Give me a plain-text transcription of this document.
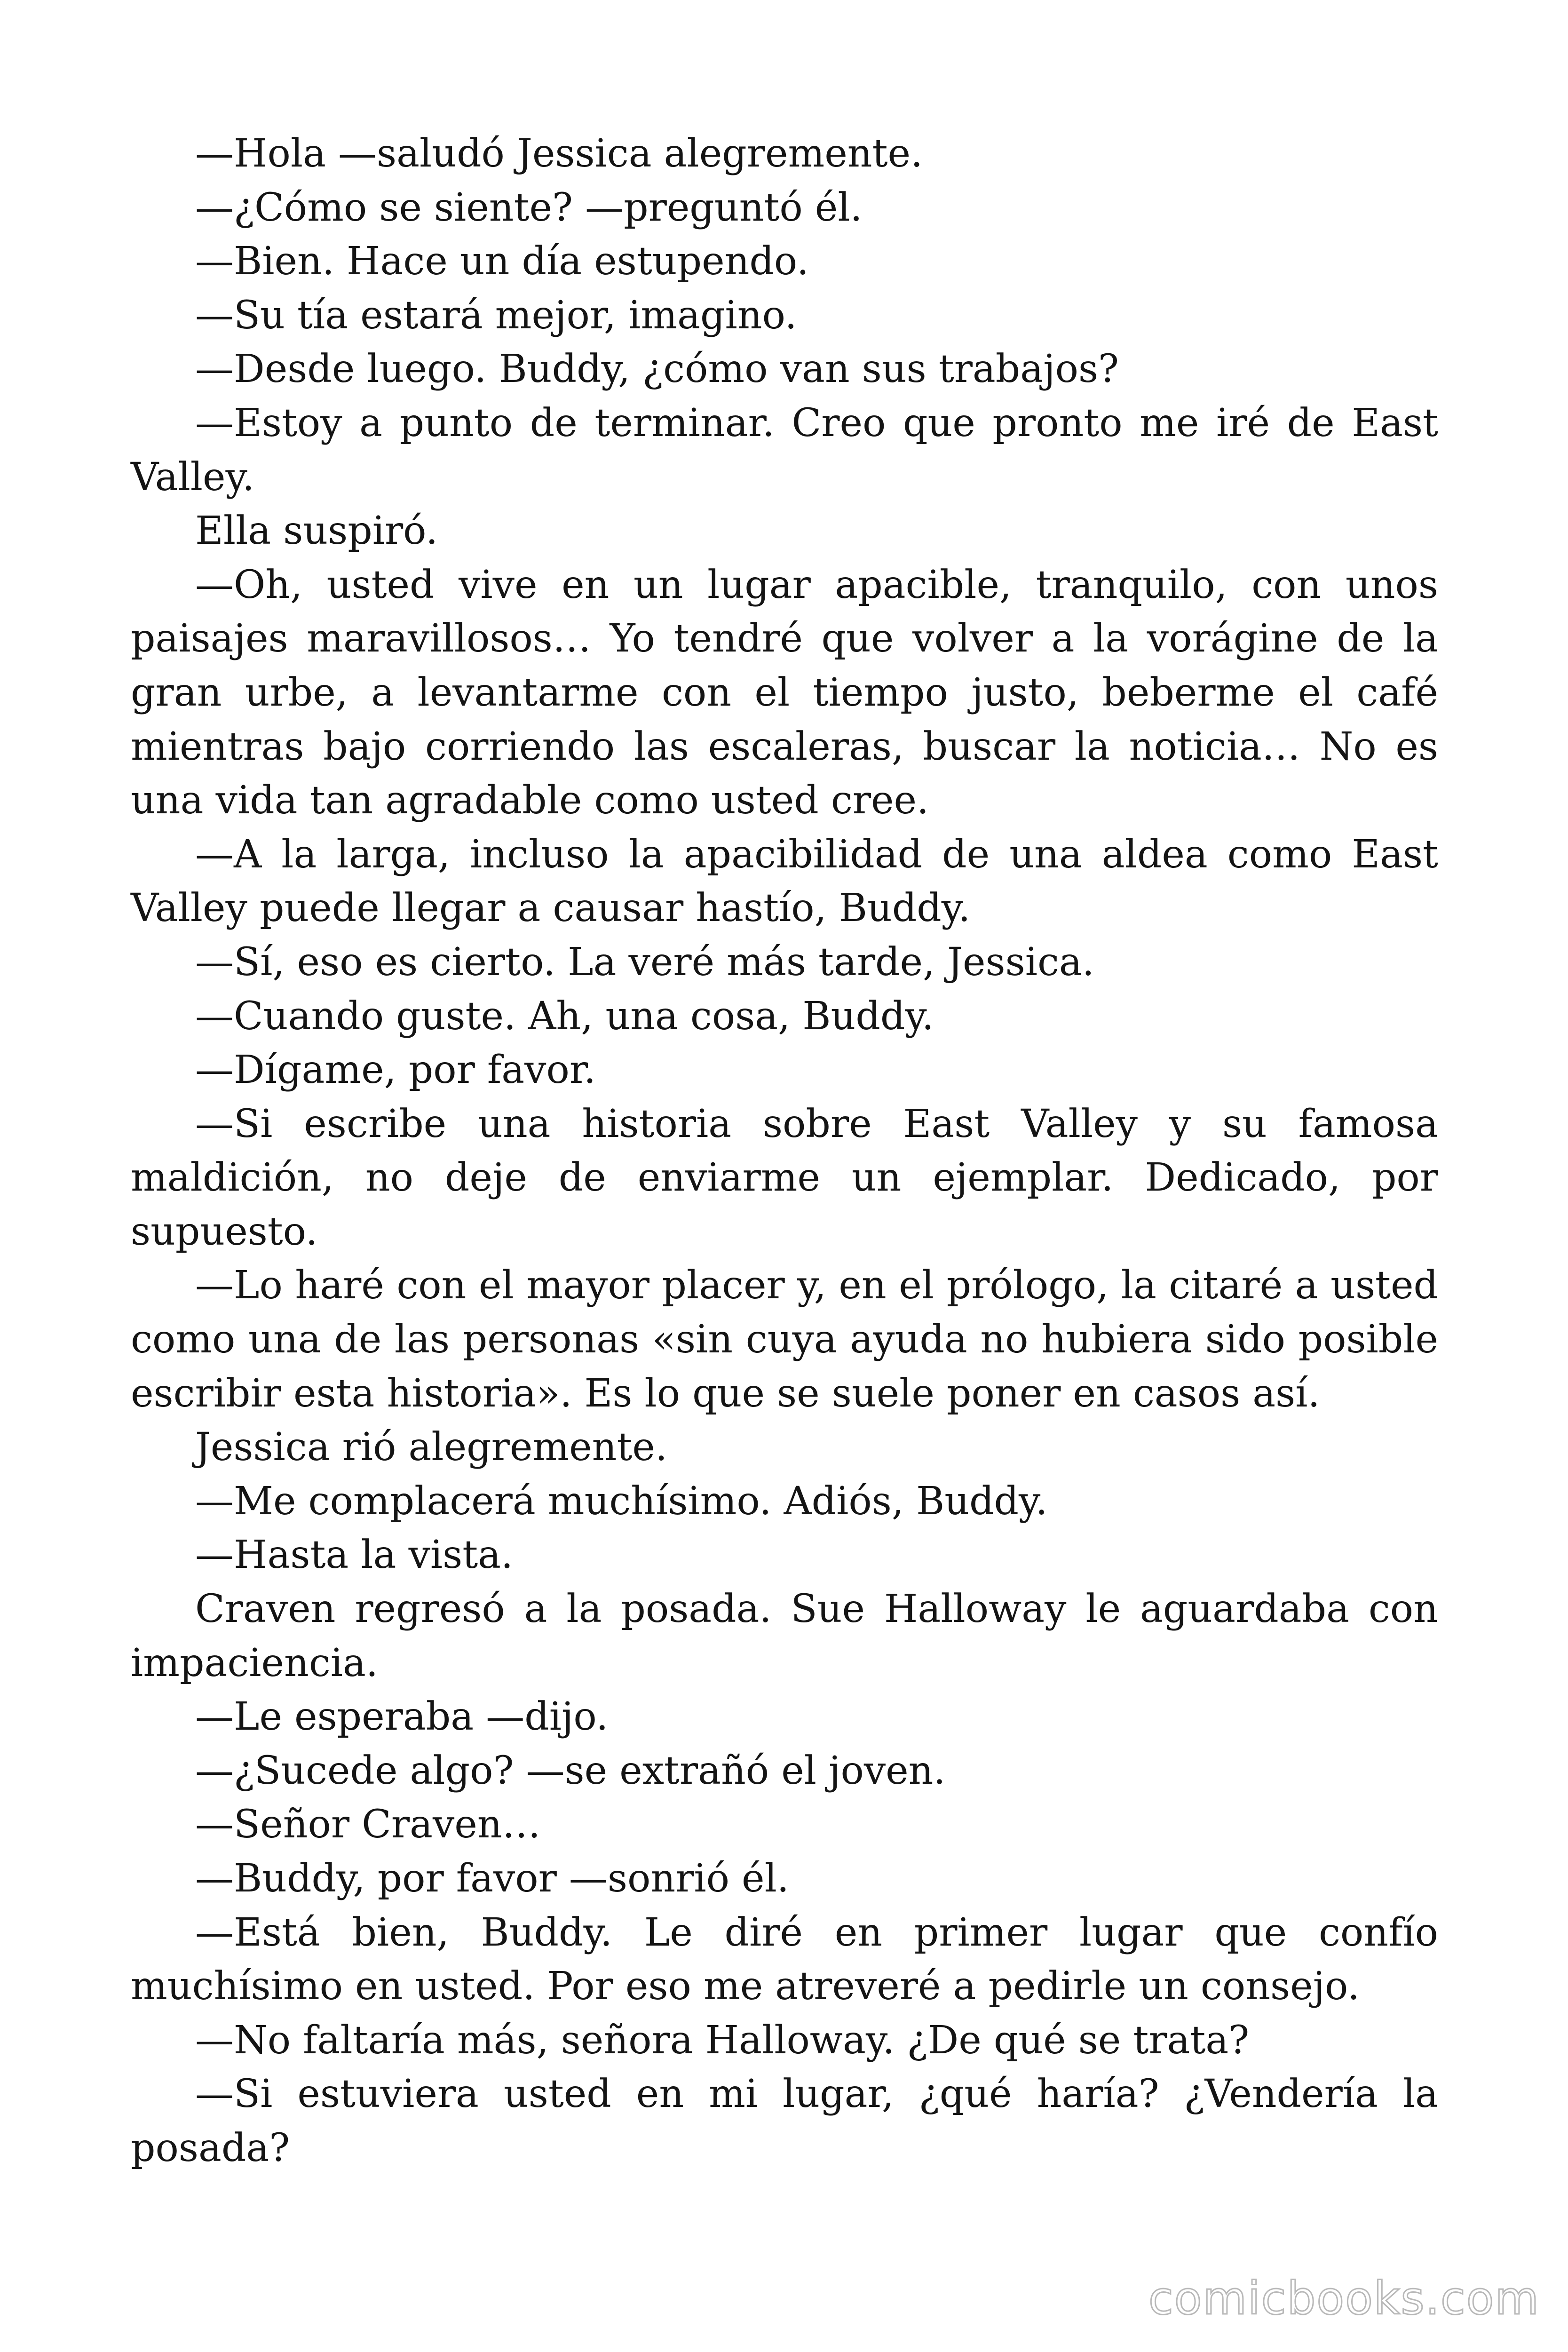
—Hola —saludó Jessica alegremente.

—¿Cómo se siente? —preguntó él.

—Bien. Hace un día estupendo.

—Su tía estará mejor, imagino.

—Desde luego. Buddy, ¿cómo van sus trabajos?

—Estoy a punto de terminar. Creo que pronto me iré de East Valley.

Ella suspiró.

—Oh, usted vive en un lugar apacible, tranquilo, con unos paisajes maravillosos… Yo tendré que volver a la vorágine de la gran urbe, a levantarme con el tiempo justo, beberme el café mientras bajo corriendo las escaleras, buscar la noticia… No es una vida tan agradable como usted cree.

—A la larga, incluso la apacibilidad de una aldea como East Valley puede llegar a causar hastío, Buddy.

—Sí, eso es cierto. La veré más tarde, Jessica.

—Cuando guste. Ah, una cosa, Buddy.

—Dígame, por favor.

—Si escribe una historia sobre East Valley y su famosa maldición, no deje de enviarme un ejemplar. Dedicado, por supuesto.

—Lo haré con el mayor placer y, en el prólogo, la citaré a usted como una de las personas «sin cuya ayuda no hubiera sido posible escribir esta historia». Es lo que se suele poner en casos así.

Jessica rió alegremente.

—Me complacerá muchísimo. Adiós, Buddy.

—Hasta la vista.

Craven regresó a la posada. Sue Halloway le aguardaba con impaciencia.

—Le esperaba —dijo.

—¿Sucede algo? —se extrañó el joven.

—Señor Craven…

—Buddy, por favor —sonrió él.

—Está bien, Buddy. Le diré en primer lugar que confío muchísimo en usted. Por eso me atreveré a pedirle un consejo.

—No faltaría más, señora Halloway. ¿De qué se trata?

—Si estuviera usted en mi lugar, ¿qué haría? ¿Vendería la posada?

comicbooks.com
